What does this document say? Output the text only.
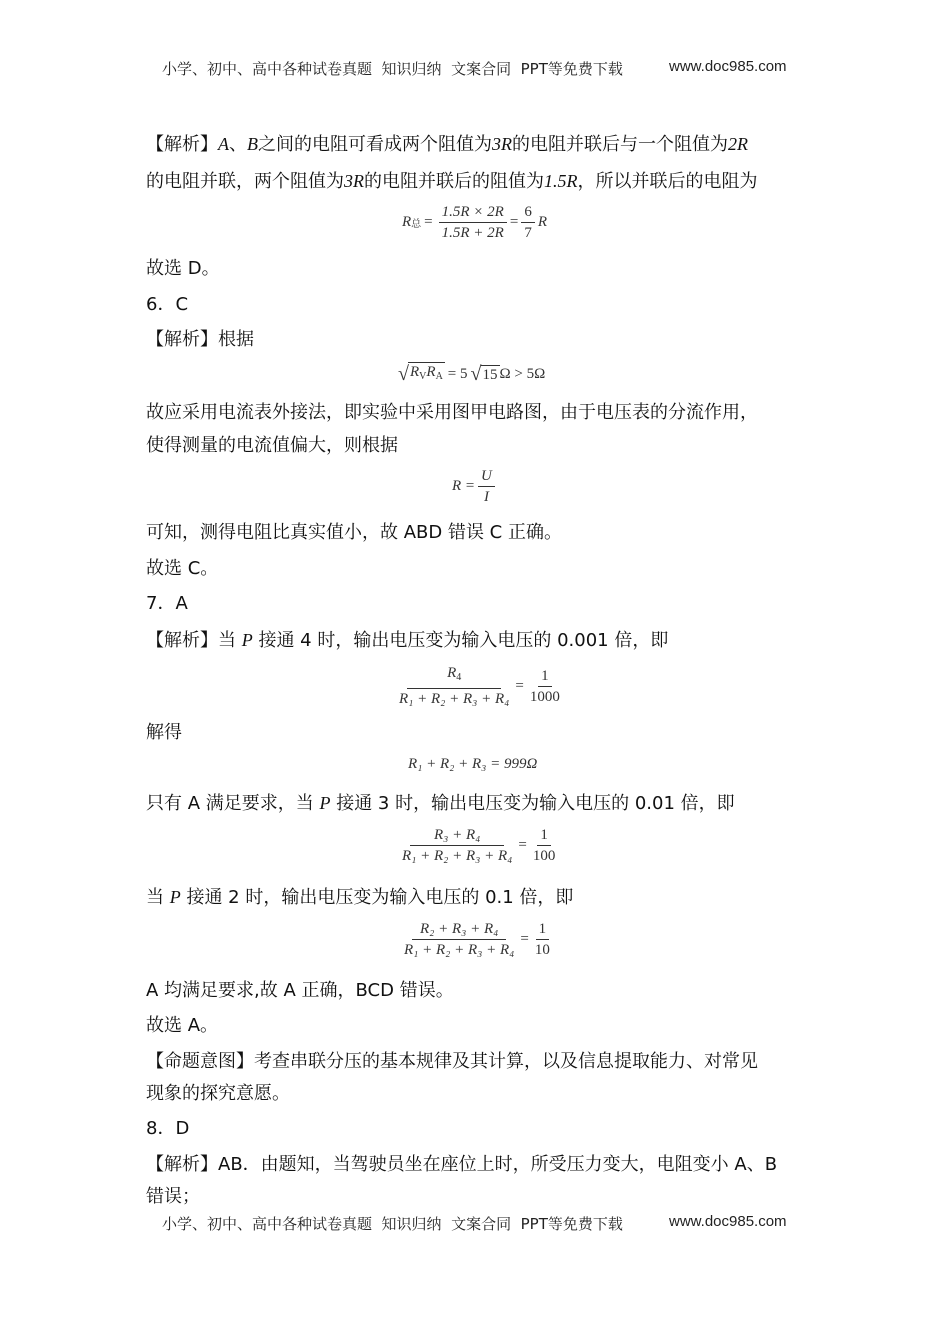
小学、初中、高中各种试卷真题  知识归纳  文案合同  PPT等免费下载	www.doc985.com
【解析】A、B之间的电阻可看成两个阻值为3R的电阻并联后与一个阻值为2R
的电阻并联，两个阻值为3R的电阻并联后的阻值为1.5R，所以并联后的电阻为
R 总 = $\frac{1.5R \times 2R}{1.5R + 2R} = \frac{6}{7}$ R
故选 D。
6．C
【解析】根据
√ $R_VR_A = 5$ √ 15 Ω > 5Ω
故应采用电流表外接法，即实验中采用图甲电路图，由于电压表的分流作用，
使得测量的电流值偏大，则根据
$R = \frac{U}{I}$
可知，测得电阻比真实值小，故 ABD 错误 C 正确。
故选 C。
7．A
【解析】当 P 接通 4 时，输出电压变为输入电压的 0.001 倍，即
$\frac{R_4}{\text{R₁ + R₂ + R₃ + R₄}} = \frac{1}{1000}$
解得
R₁ + R₂ + R₃ = 999Ω
只有 A 满足要求，当 P 接通 3 时，输出电压变为输入电压的 0.01 倍，即
$\frac{\text{R₃ + R₄}}{\text{R₁ + R₂ + R₃ + R₄}} = \frac{1}{100}$
当 P 接通 2 时，输出电压变为输入电压的 0.1 倍，即
$\frac{\text{R₂ + R₃ + R₄}}{\text{R₁ + R₂ + R₃ + R₄}} = \frac{1}{10}$
A 均满足要求,故 A 正确，BCD 错误。
故选 A。
【命题意图】考查串联分压的基本规律及其计算，以及信息提取能力、对常见
现象的探究意愿。
8．D
【解析】AB．由题知，当驾驶员坐在座位上时，所受压力变大，电阻变小 A、B
错误；
小学、初中、高中各种试卷真题  知识归纳  文案合同  PPT等免费下载	www.doc985.com
